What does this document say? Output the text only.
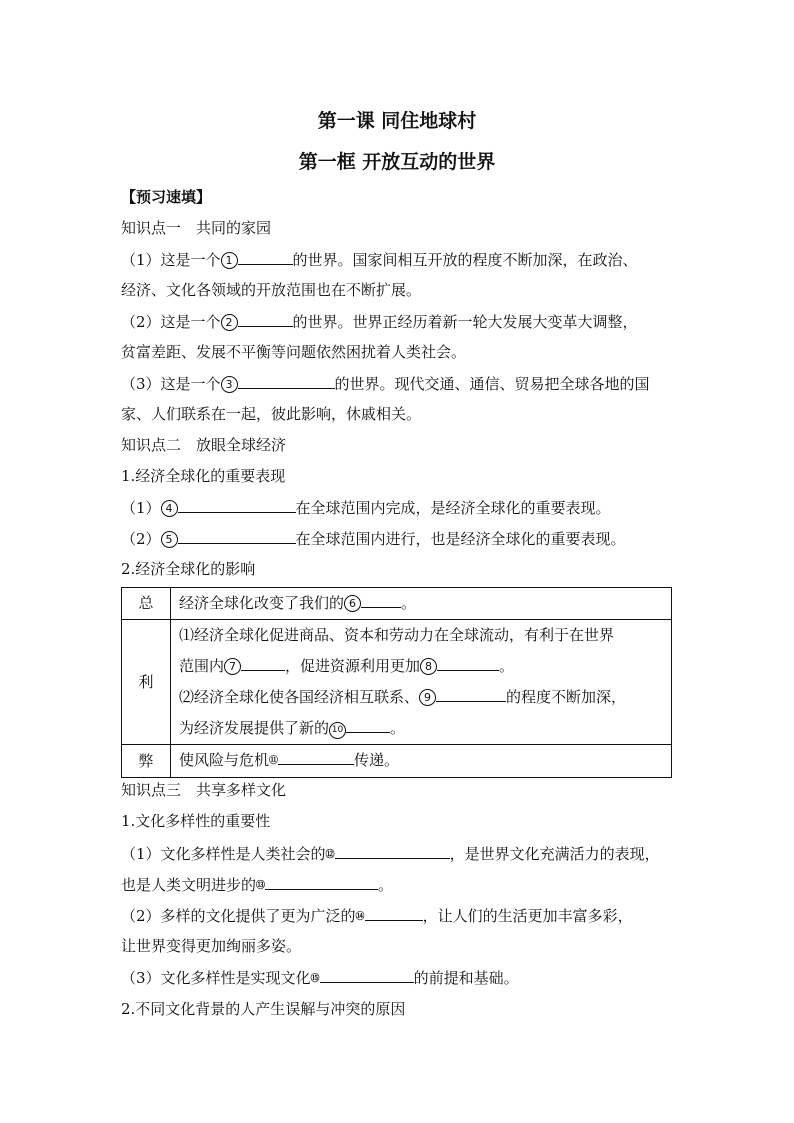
第一课 同住地球村
第一框 开放互动的世界
【预习速填】
知识点一　共同的家园
（1）这是一个 1	的世界。国家间相互开放的程度不断加深，在政治、
经济、文化各领域的开放范围也在不断扩展。
（2）这是一个 2	的世界。世界正经历着新一轮大发展大变革大调整，
贫富差距、发展不平衡等问题依然困扰着人类社会。
（3）这是一个 3	的世界。现代交通、通信、贸易把全球各地的国
家、人们联系在一起，彼此影响，休戚相关。
知识点二　放眼全球经济
1.经济全球化的重要表现
（1） 4	在全球范围内完成，是经济全球化的重要表现。
（2） 5	在全球范围内进行，也是经济全球化的重要表现。
2.经济全球化的影响
总	经济全球化改变了我们的 6 。
利	⑴经济全球化促进商品、资本和劳动力在全球流动，有利于在世界
范围内 7 ，促进资源利用更加 8 。
⑵经济全球化使各国经济相互联系、 9 的程度不断加深，
为经济发展提供了新的 10 。

弊	使风险与危机⑪ 传递。
知识点三　共享多样文化
1.文化多样性的重要性
（1）文化多样性是人类社会的⑫	，是世界文化充满活力的表现，
也是人类文明进步的⑬	。
（2）多样的文化提供了更为广泛的⑭	，让人们的生活更加丰富多彩，
让世界变得更加绚丽多姿。
（3）文化多样性是实现文化⑮	的前提和基础。
2.不同文化背景的人产生误解与冲突的原因
